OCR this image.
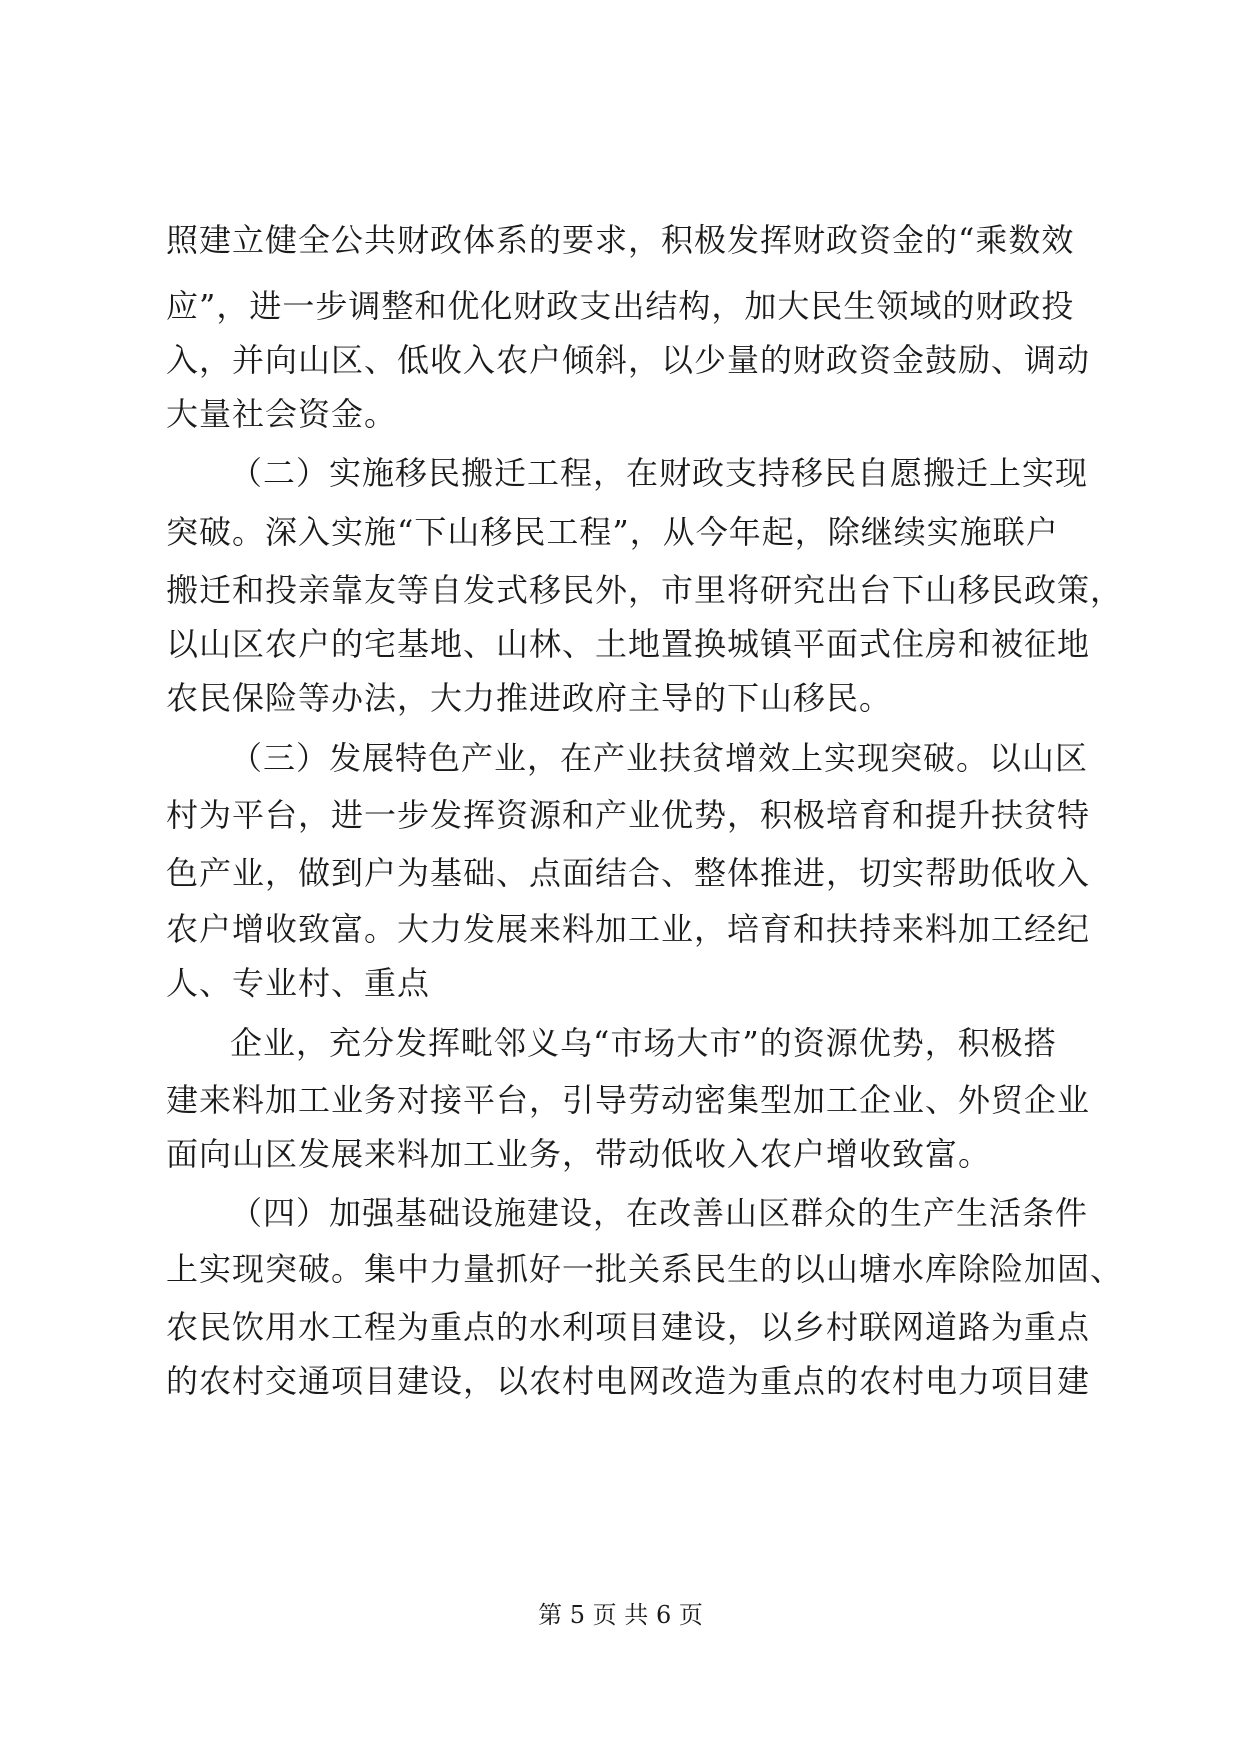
照建立健全公共财政体系的要求，积极发挥财政资金的“乘数效
应”，进一步调整和优化财政支出结构，加大民生领域的财政投
入，并向山区、低收入农户倾斜，以少量的财政资金鼓励、调动
大量社会资金。
（二）实施移民搬迁工程，在财政支持移民自愿搬迁上实现
突破。深入实施“下山移民工程”，从今年起，除继续实施联户
搬迁和投亲靠友等自发式移民外，市里将研究出台下山移民政策，
以山区农户的宅基地、山林、土地置换城镇平面式住房和被征地
农民保险等办法，大力推进政府主导的下山移民。
（三）发展特色产业，在产业扶贫增效上实现突破。以山区
村为平台，进一步发挥资源和产业优势，积极培育和提升扶贫特
色产业，做到户为基础、点面结合、整体推进，切实帮助低收入
农户增收致富。大力发展来料加工业，培育和扶持来料加工经纪
人、专业村、重点
企业，充分发挥毗邻义乌“市场大市”的资源优势，积极搭
建来料加工业务对接平台，引导劳动密集型加工企业、外贸企业
面向山区发展来料加工业务，带动低收入农户增收致富。
（四）加强基础设施建设，在改善山区群众的生产生活条件
上实现突破。集中力量抓好一批关系民生的以山塘水库除险加固、
农民饮用水工程为重点的水利项目建设，以乡村联网道路为重点
的农村交通项目建设，以农村电网改造为重点的农村电力项目建
第 5 页 共 6 页
